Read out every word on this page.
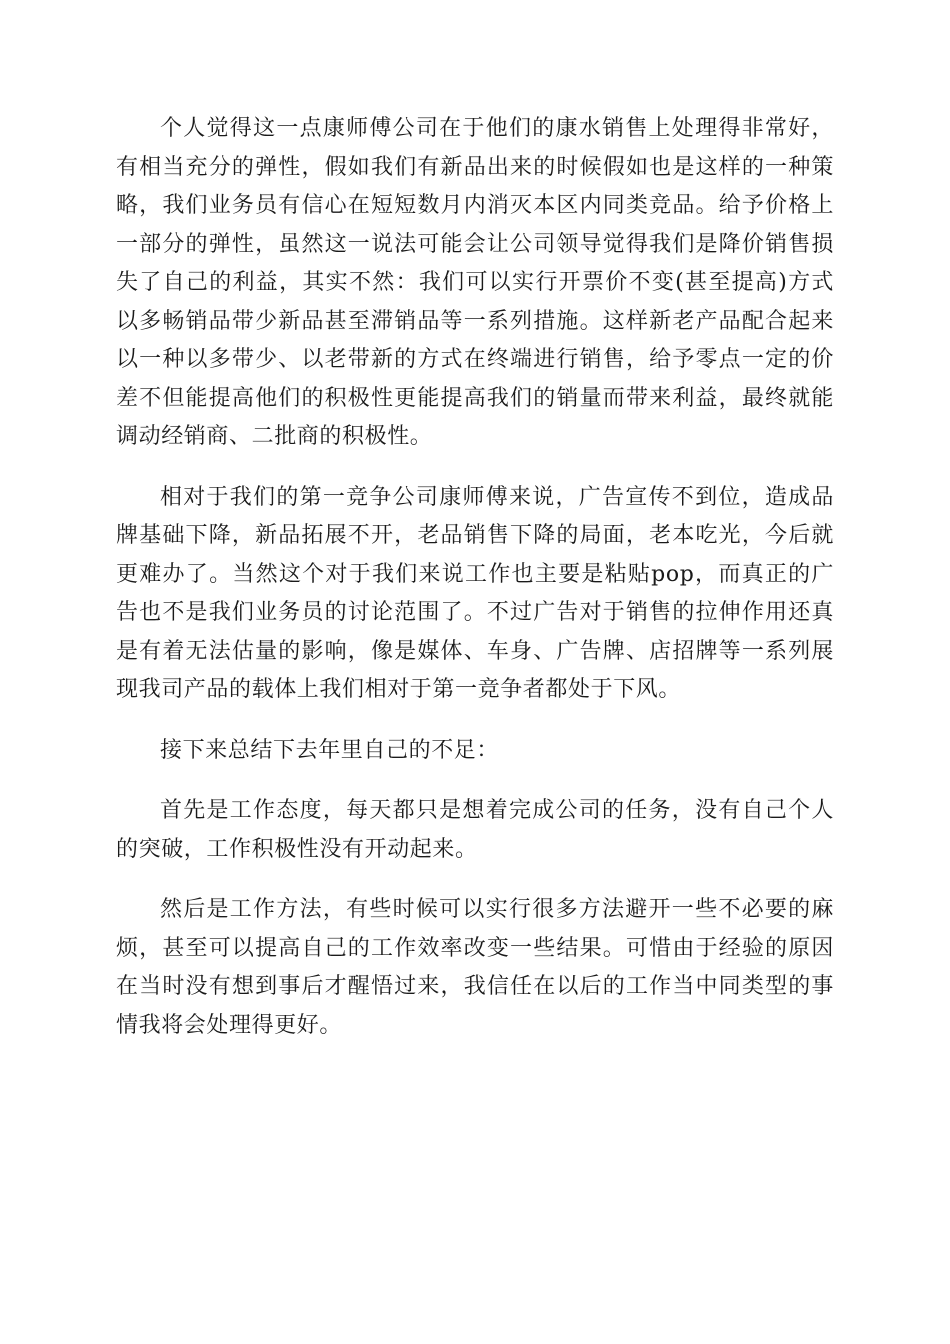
个人觉得这一点康师傅公司在于他们的康水销售上处理得非常好，有相当充分的弹性，假如我们有新品出来的时候假如也是这样的一种策略，我们业务员有信心在短短数月内消灭本区内同类竞品。给予价格上一部分的弹性，虽然这一说法可能会让公司领导觉得我们是降价销售损失了自己的利益，其实不然：我们可以实行开票价不变(甚至提高)方式以多畅销品带少新品甚至滞销品等一系列措施。这样新老产品配合起来以一种以多带少、以老带新的方式在终端进行销售，给予零点一定的价差不但能提高他们的积极性更能提高我们的销量而带来利益，最终就能调动经销商、二批商的积极性。

相对于我们的第一竞争公司康师傅来说，广告宣传不到位，造成品牌基础下降，新品拓展不开，老品销售下降的局面，老本吃光，今后就更难办了。当然这个对于我们来说工作也主要是粘贴pop，而真正的广告也不是我们业务员的讨论范围了。不过广告对于销售的拉伸作用还真是有着无法估量的影响，像是媒体、车身、广告牌、店招牌等一系列展现我司产品的载体上我们相对于第一竞争者都处于下风。

接下来总结下去年里自己的不足：

首先是工作态度，每天都只是想着完成公司的任务，没有自己个人的突破，工作积极性没有开动起来。

然后是工作方法，有些时候可以实行很多方法避开一些不必要的麻烦，甚至可以提高自己的工作效率改变一些结果。可惜由于经验的原因在当时没有想到事后才醒悟过来，我信任在以后的工作当中同类型的事情我将会处理得更好。
